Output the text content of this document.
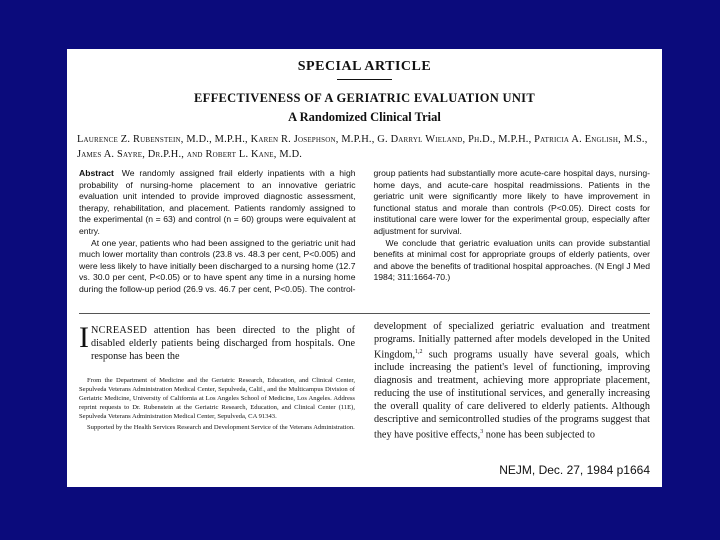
SPECIAL ARTICLE
EFFECTIVENESS OF A GERIATRIC EVALUATION UNIT
A Randomized Clinical Trial
Laurence Z. Rubenstein, M.D., M.P.H., Karen R. Josephson, M.P.H., G. Darryl Wieland, Ph.D., M.P.H., Patricia A. English, M.S., James A. Sayre, Dr.P.H., and Robert L. Kane, M.D.

Abstract We randomly assigned frail elderly inpatients with a high probability of nursing-home placement to an innovative geriatric evaluation unit intended to provide improved diagnostic assessment, therapy, rehabilitation, and placement. Patients randomly assigned to the experimental (n = 63) and control (n = 60) groups were equivalent at entry.

At one year, patients who had been assigned to the geriatric unit had much lower mortality than controls (23.8 vs. 48.3 per cent, P<0.005) and were less likely to have initially been discharged to a nursing home (12.7 vs. 30.0 per cent, P<0.05) or to have spent any time in a nursing home during the follow-up period (26.9 vs. 46.7 per cent, P<0.05). The control-group patients had substantially more acute-care hospital days, nursing-home days, and acute-care hospital readmissions. Patients in the geriatric unit were significantly more likely to have improvement in functional status and morale than controls (P<0.05). Direct costs for institutional care were lower for the experimental group, especially after adjustment for survival.

We conclude that geriatric evaluation units can provide substantial benefits at minimal cost for appropriate groups of elderly patients, over and above the benefits of traditional hospital approaches. (N Engl J Med 1984; 311:1664-70.)

INCREASED attention has been directed to the plight of disabled elderly patients being discharged from hospitals. One response has been the

From the Department of Medicine and the Geriatric Research, Education, and Clinical Center, Sepulveda Veterans Administration Medical Center, Sepulveda, Calif., and the Multicampus Division of Geriatric Medicine, University of California at Los Angeles School of Medicine, Los Angeles. Address reprint requests to Dr. Rubenstein at the Geriatric Research, Education, and Clinical Center (11E), Sepulveda Veterans Administration Medical Center, Sepulveda, CA 91343.

Supported by the Health Services Research and Development Service of the Veterans Administration.

development of specialized geriatric evaluation and treatment programs. Initially patterned after models developed in the United Kingdom,$^{1,2}$ such programs usually have several goals, which include increasing the patient's level of functioning, improving diagnosis and treatment, achieving more appropriate placement, reducing the use of institutional services, and generally increasing the overall quality of care delivered to elderly patients. Although descriptive and semicontrolled studies of the programs suggest that they have positive effects,$^3$ none has been subjected to
NEJM, Dec. 27, 1984 p1664
